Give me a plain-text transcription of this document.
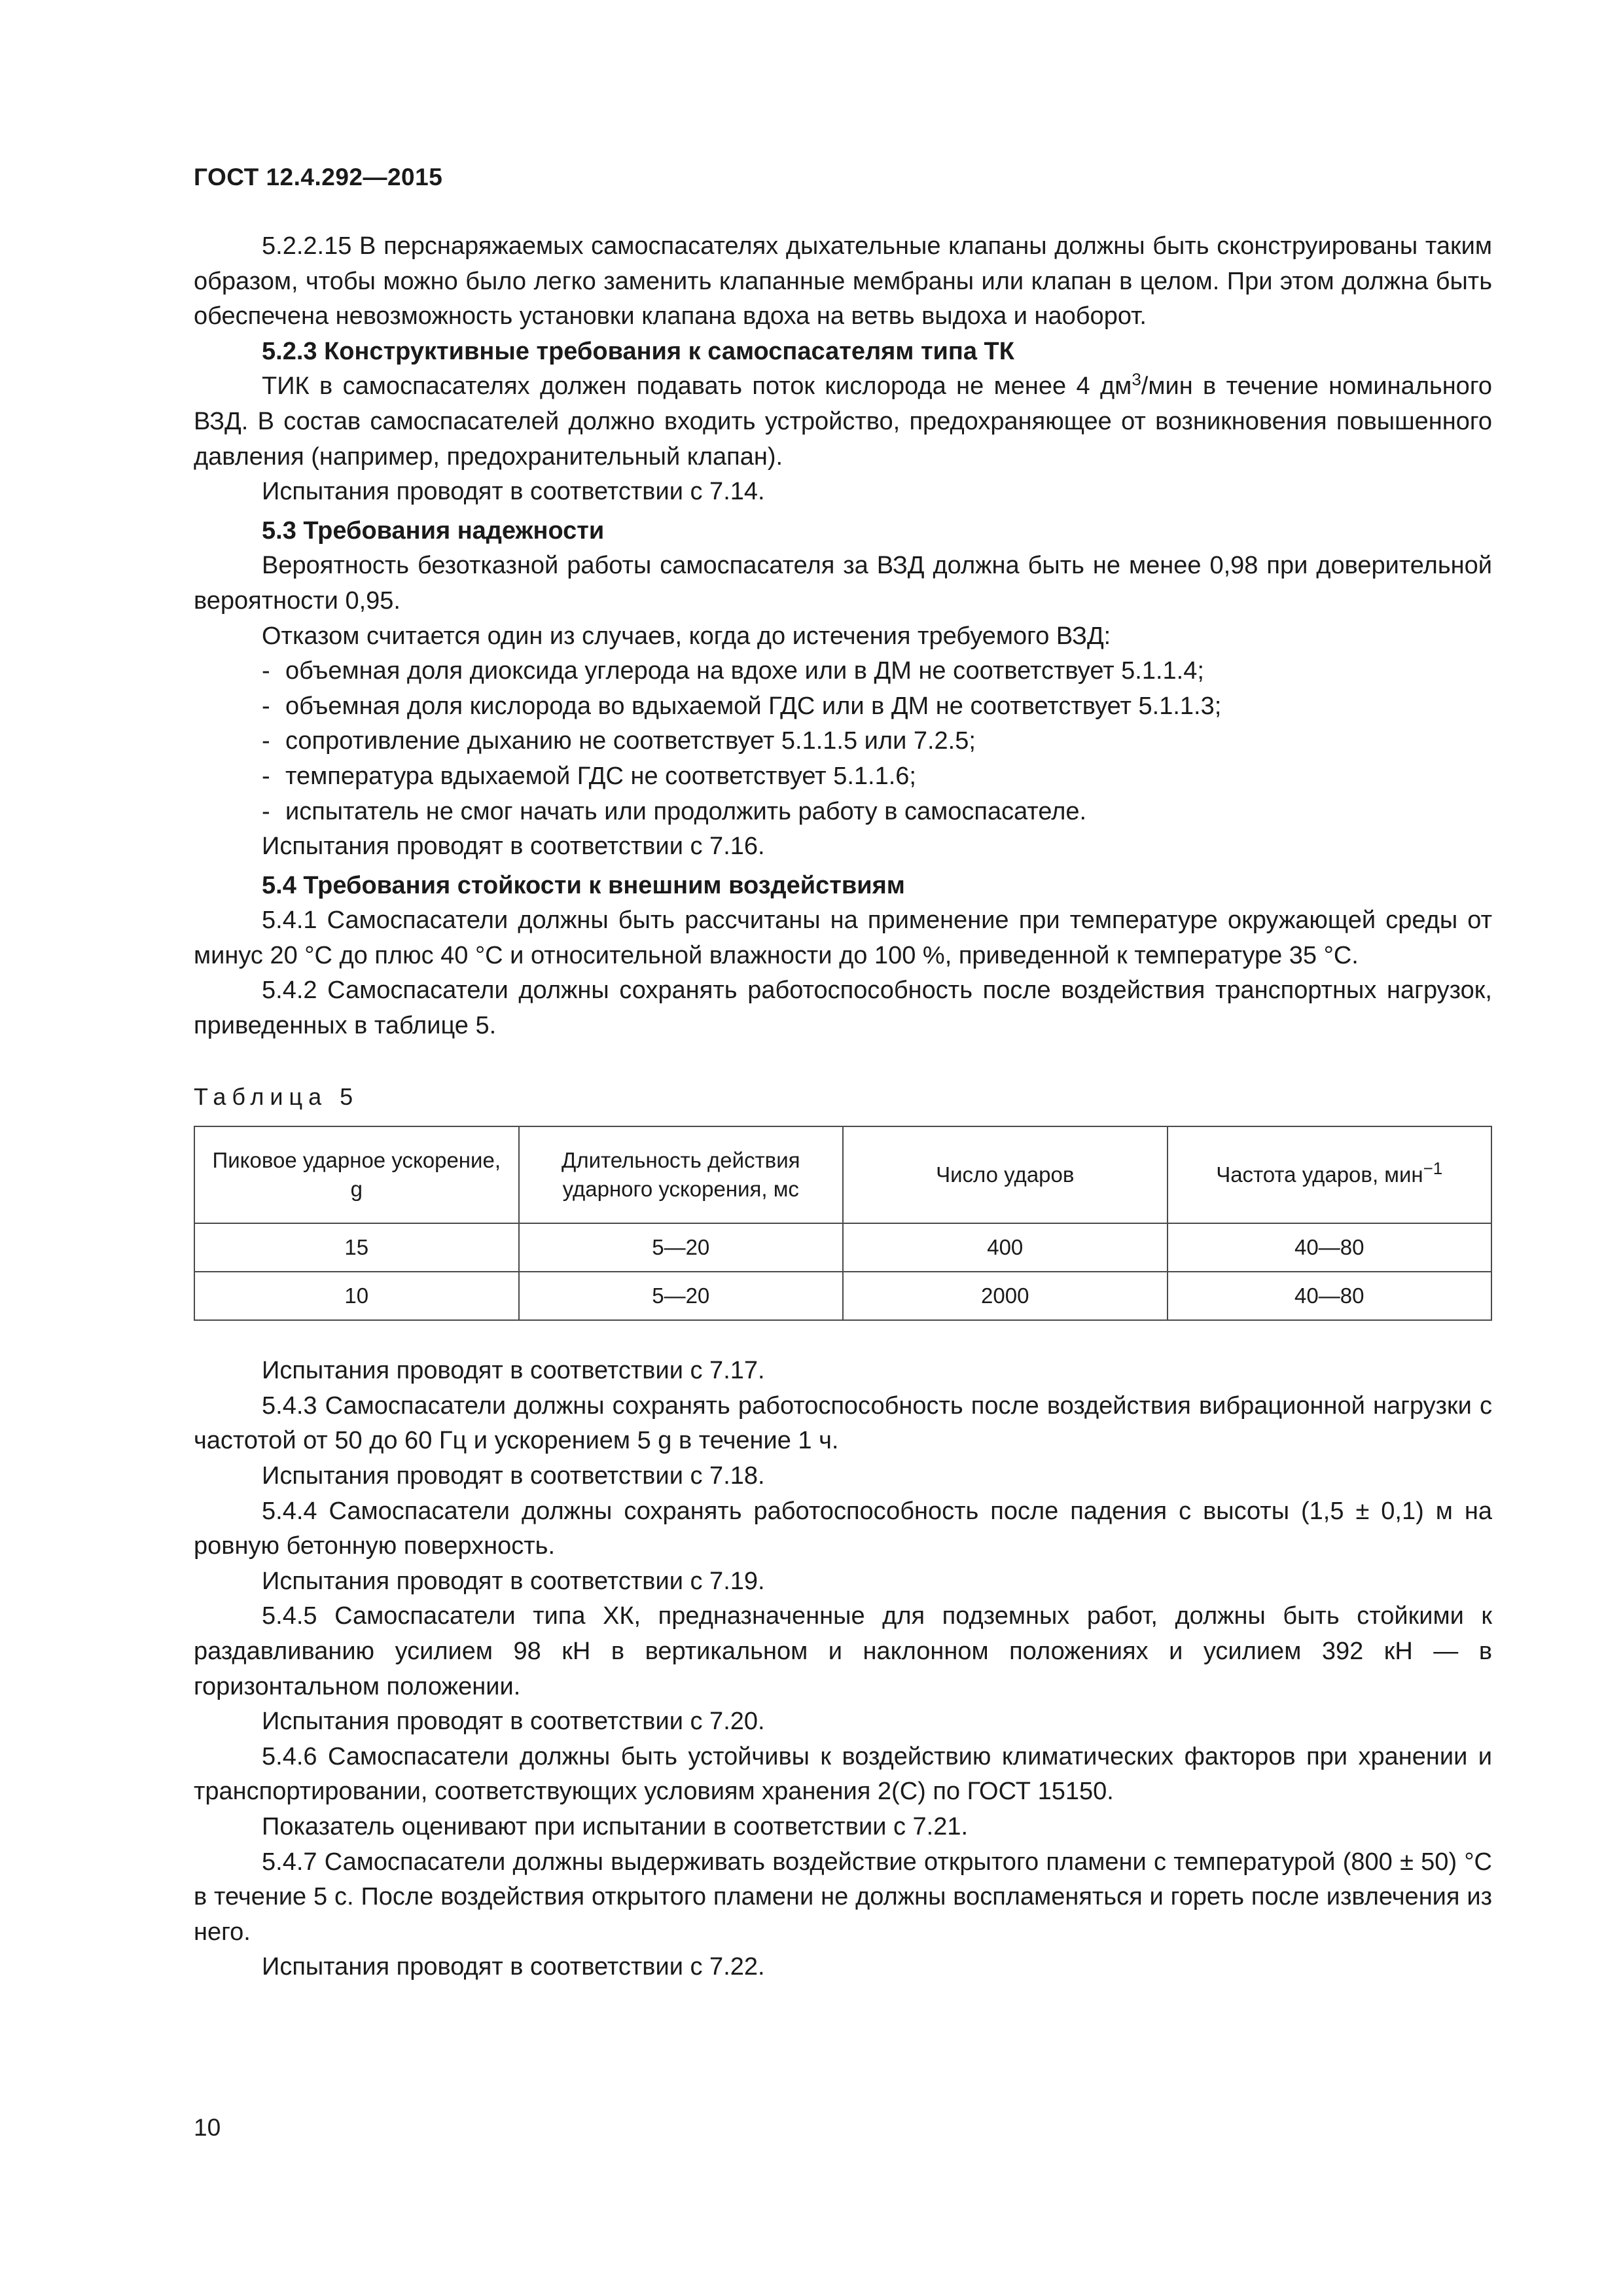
ГОСТ 12.4.292—2015

5.2.2.15 В перснаряжаемых самоспасателях дыхательные клапаны должны быть сконструированы таким образом, чтобы можно было легко заменить клапанные мембраны или клапан в целом. При этом должна быть обеспечена невозможность установки клапана вдоха на ветвь выдоха и наоборот.

5.2.3 Конструктивные требования к самоспасателям типа ТК

ТИК в самоспасателях должен подавать поток кислорода не менее 4 $дм^3$/мин в течение номинального ВЗД. В состав самоспасателей должно входить устройство, предохраняющее от возникновения повышенного давления (например, предохранительный клапан).

Испытания проводят в соответствии с 7.14.

5.3 Требования надежности

Вероятность безотказной работы самоспасателя за ВЗД должна быть не менее 0,98 при доверительной вероятности 0,95.

Отказом считается один из случаев, когда до истечения требуемого ВЗД:

- объемная доля диоксида углерода на вдохе или в ДМ не соответствует 5.1.1.4;

- объемная доля кислорода во вдыхаемой ГДС или в ДМ не соответствует 5.1.1.3;

- сопротивление дыханию не соответствует 5.1.1.5 или 7.2.5;

- температура вдыхаемой ГДС не соответствует 5.1.1.6;

- испытатель не смог начать или продолжить работу в самоспасателе.

Испытания проводят в соответствии с 7.16.

5.4 Требования стойкости к внешним воздействиям

5.4.1 Самоспасатели должны быть рассчитаны на применение при температуре окружающей среды от минус 20 °С до плюс 40 °С и относительной влажности до 100 %, приведенной к температуре 35 °С.

5.4.2 Самоспасатели должны сохранять работоспособность после воздействия транспортных нагрузок, приведенных в таблице 5.

Таблица 5
Пиковое ударное ускорение, g	Длительность действия ударного ускорения, мс	Число ударов	Частота ударов, мин$^{-1}$
15	5—20	400	40—80
10	5—20	2000	40—80

Испытания проводят в соответствии с 7.17.

5.4.3 Самоспасатели должны сохранять работоспособность после воздействия вибрационной нагрузки с частотой от 50 до 60 Гц и ускорением 5 g в течение 1 ч.

Испытания проводят в соответствии с 7.18.

5.4.4 Самоспасатели должны сохранять работоспособность после падения с высоты (1,5 ± 0,1) м на ровную бетонную поверхность.

Испытания проводят в соответствии с 7.19.

5.4.5 Самоспасатели типа ХК, предназначенные для подземных работ, должны быть стойкими к раздавливанию усилием 98 кН в вертикальном и наклонном положениях и усилием 392 кН — в горизонтальном положении.

Испытания проводят в соответствии с 7.20.

5.4.6 Самоспасатели должны быть устойчивы к воздействию климатических факторов при хранении и транспортировании, соответствующих условиям хранения 2(С) по ГОСТ 15150.

Показатель оценивают при испытании в соответствии с 7.21.

5.4.7 Самоспасатели должны выдерживать воздействие открытого пламени с температурой (800 ± 50) °С в течение 5 с. После воздействия открытого пламени не должны воспламеняться и гореть после извлечения из него.

Испытания проводят в соответствии с 7.22.

10
